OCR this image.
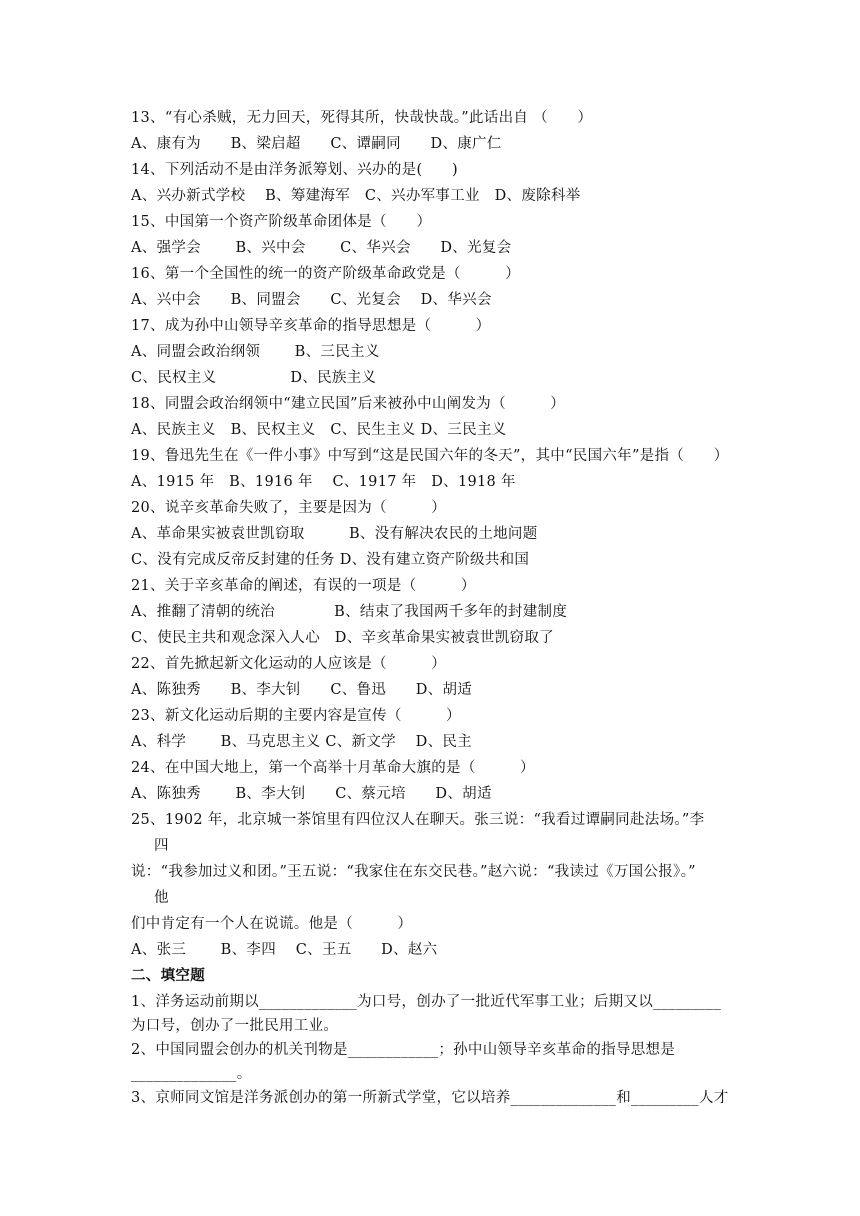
13、“有心杀贼，无力回天，死得其所，快哉快哉。”此话出自 （　　）
A、康有为　　B、梁启超　　C、谭嗣同　　D、康广仁
14、下列活动不是由洋务派筹划、兴办的是(　　)
A、兴办新式学校　 B、筹建海军　C、兴办军事工业　D、废除科举
15、中国第一个资产阶级革命团体是（　　）
A、强学会　　 B、兴中会　　 C、华兴会　　D、光复会
16、第一个全国性的统一的资产阶级革命政党是（　　　）
A、兴中会　　B、同盟会　　C、光复会　 D、华兴会
17、成为孙中山领导辛亥革命的指导思想是（　　　）
A、同盟会政治纲领　　 B、三民主义
C、民权主义　　　　　D、民族主义
18、同盟会政治纲领中“建立民国”后来被孙中山阐发为（　　　）
A、民族主义　B、民权主义　C、民生主义 D、三民主义
19、鲁迅先生在《一件小事》中写到“这是民国六年的冬天”，其中“民国六年”是指（　　）
A、1915 年　B、1916 年　 C、1917 年　D、1918 年
20、说辛亥革命失败了，主要是因为（　　　）
A、革命果实被袁世凯窃取　　　B、没有解决农民的土地问题
C、没有完成反帝反封建的任务 D、没有建立资产阶级共和国
21、关于辛亥革命的阐述，有误的一项是（　　　）
A、推翻了清朝的统治　　　　B、结束了我国两千多年的封建制度
C、使民主共和观念深入人心　D、辛亥革命果实被袁世凯窃取了
22、首先掀起新文化运动的人应该是（　　　）
A、陈独秀　　B、李大钊　　C、鲁迅　　D、胡适
23、新文化运动后期的主要内容是宣传（　　　）
A、科学　　 B、马克思主义 C、新文学　 D、民主
24、在中国大地上，第一个高举十月革命大旗的是（　　　）
A、陈独秀　　 B、李大钊　　C、蔡元培　　D、胡适
25、1902 年，北京城一茶馆里有四位汉人在聊天。张三说：“我看过谭嗣同赴法场。”李
四
说：“我参加过义和团。”王五说：“我家住在东交民巷。”赵六说：“我读过《万国公报》。”
他
们中肯定有一个人在说谎。他是（　　　）
A、张三　　 B、李四　 C、王五　　D、赵六
二、填空题
1、洋务运动前期以_____________为口号，创办了一批近代军事工业；后期又以_________
为口号，创办了一批民用工业。
2、中国同盟会创办的机关刊物是____________；孙中山领导辛亥革命的指导思想是
______________。
3、京师同文馆是洋务派创办的第一所新式学堂，它以培养______________和_________人才
